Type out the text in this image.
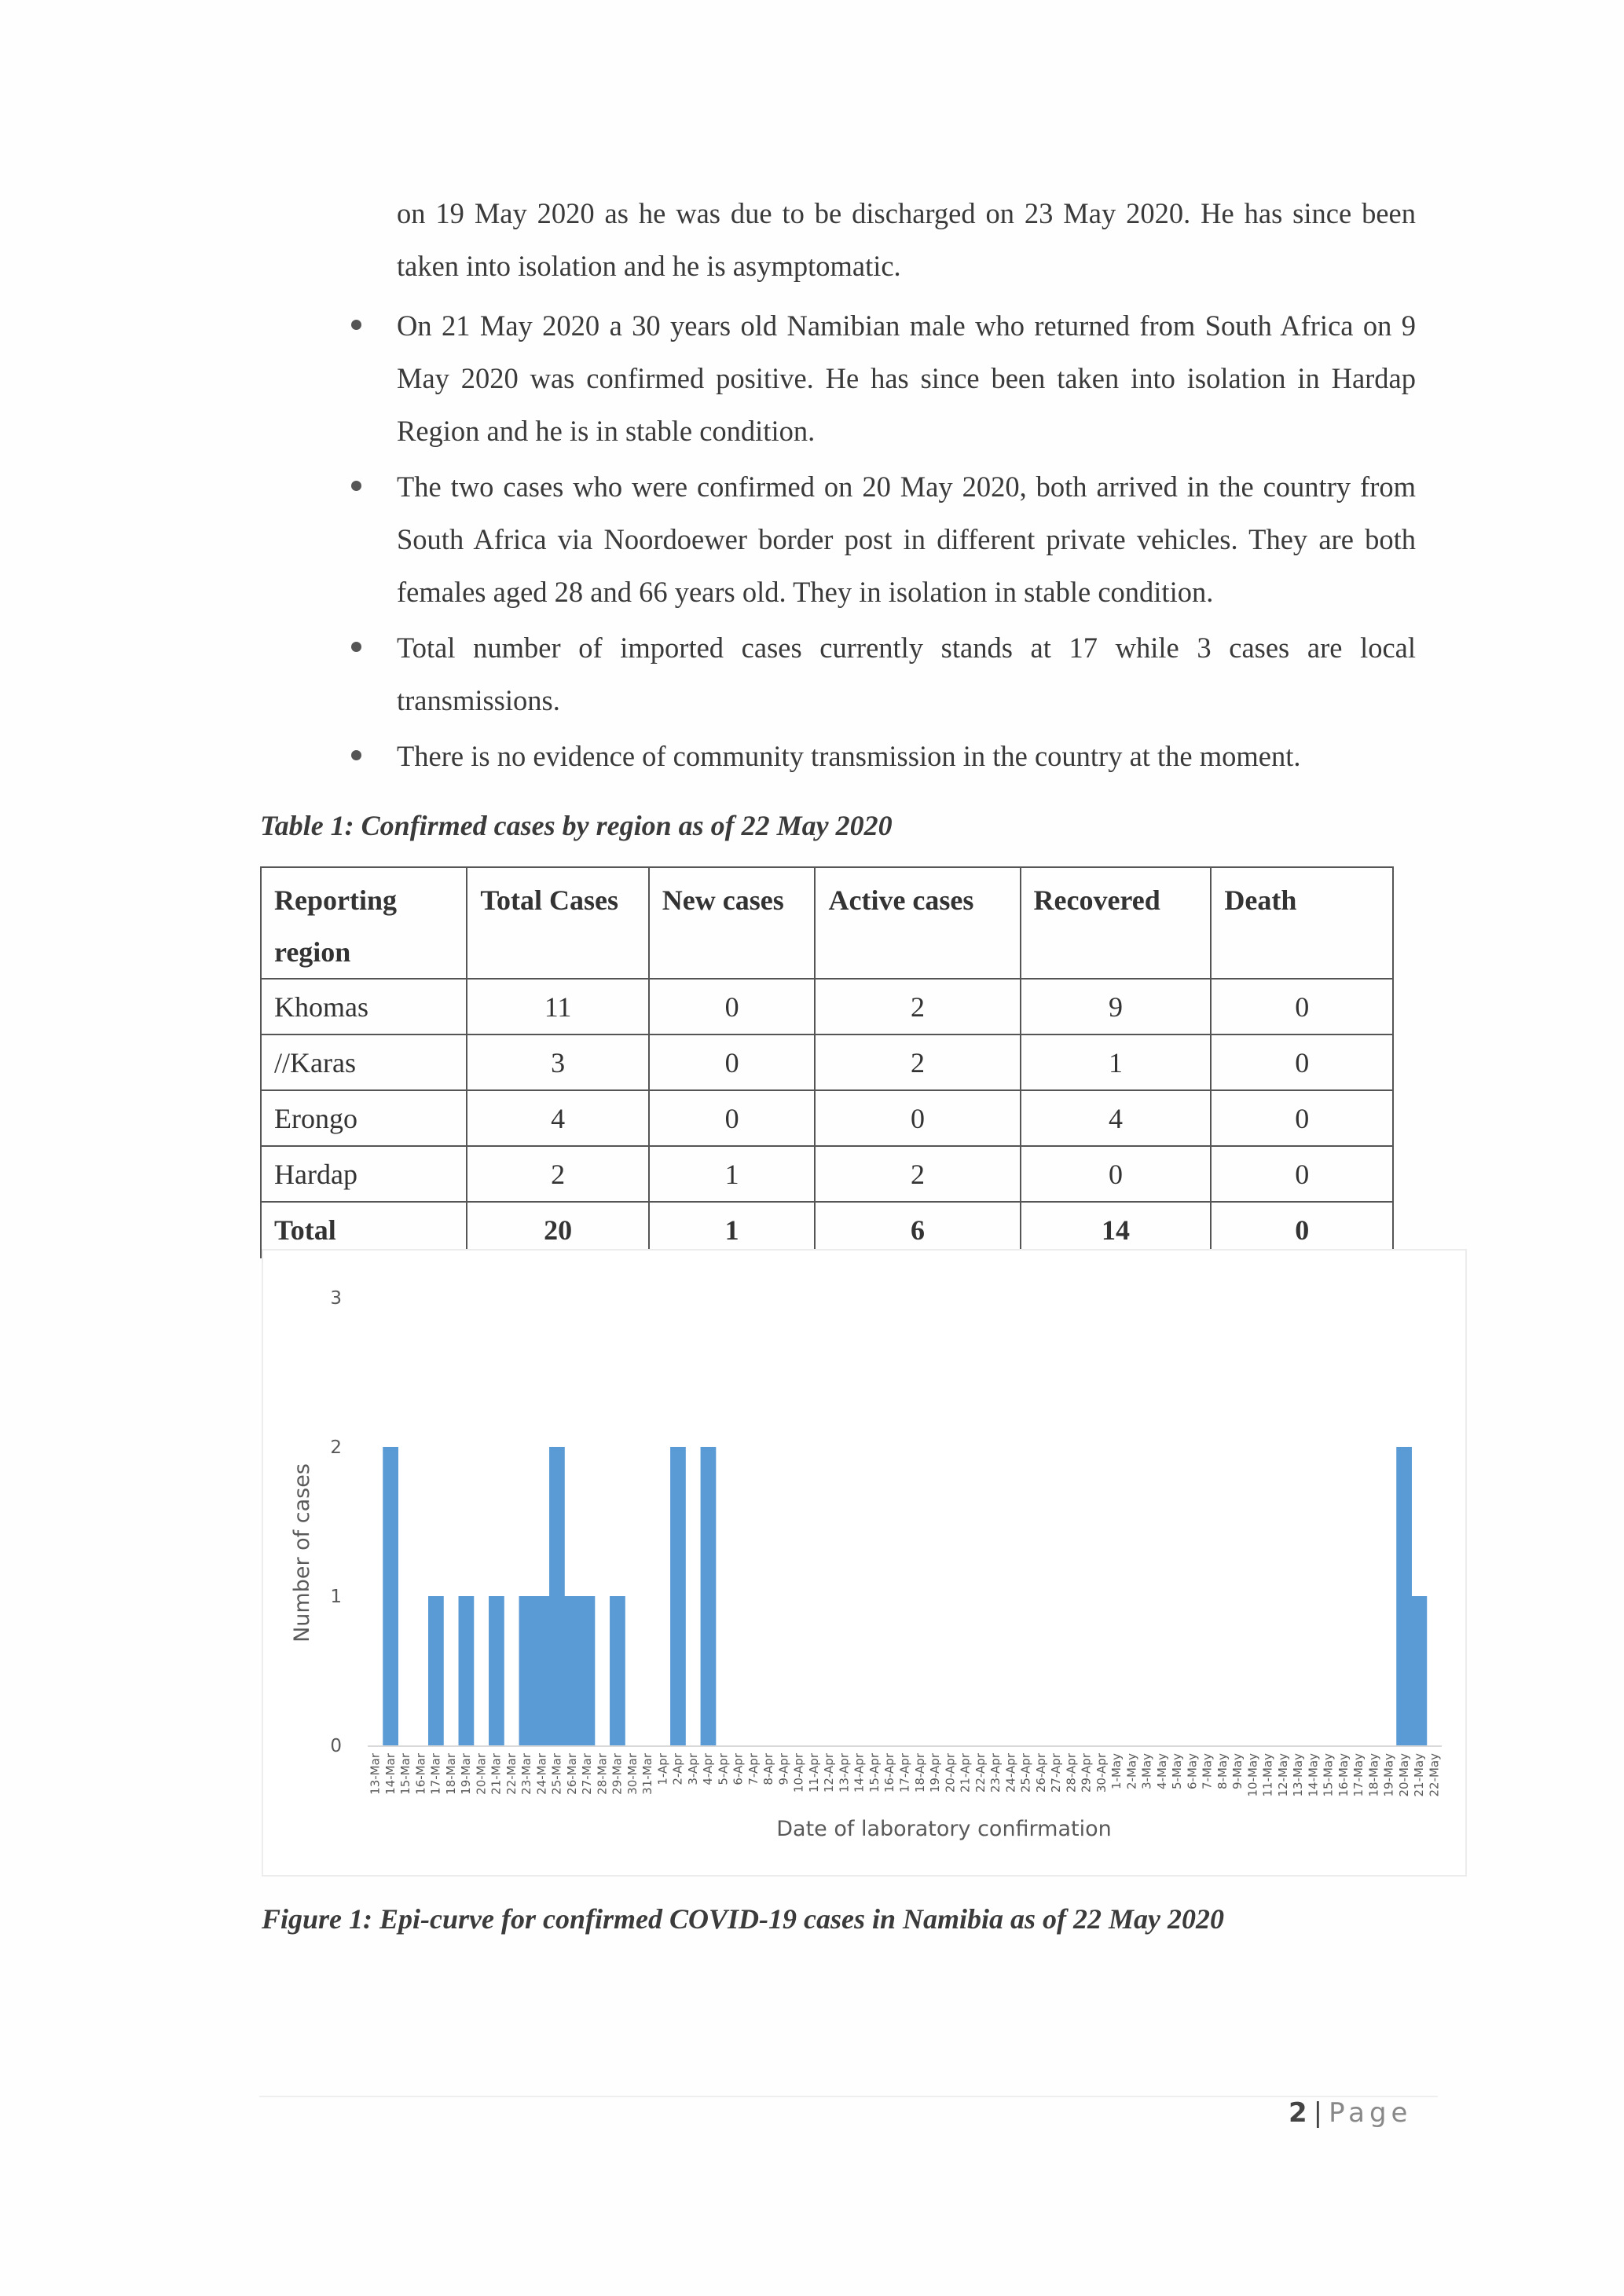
on 19 May 2020 as he was due to be discharged on 23 May 2020. He has since been taken into isolation and he is asymptomatic.

On 21 May 2020 a 30 years old Namibian male who returned from South Africa on 9 May 2020 was confirmed positive. He has since been taken into isolation in Hardap Region and he is in stable condition.
The two cases who were confirmed on 20 May 2020, both arrived in the country from South Africa via Noordoewer border post in different private vehicles. They are both females aged 28 and 66 years old. They in isolation in stable condition.
Total number of imported cases currently stands at 17 while 3 cases are local transmissions.
There is no evidence of community transmission in the country at the moment.
Table 1: Confirmed cases by region as of 22 May 2020
Reporting region	Total Cases	New cases	Active cases	Recovered	Death
Khomas	11	0	2	9	0
//Karas	3	0	2	1	0
Erongo	4	0	0	4	0
Hardap	2	1	2	0	0
Total	20	1	6	14	0
0
1
2
3
Number of cases
13-Mar 14-Mar 15-Mar 16-Mar 17-Mar 18-Mar 19-Mar 20-Mar 21-Mar 22-Mar 23-Mar 24-Mar 25-Mar 26-Mar 27-Mar 28-Mar 29-Mar 30-Mar 31-Mar 1-Apr 2-Apr 3-Apr 4-Apr 5-Apr 6-Apr 7-Apr 8-Apr 9-Apr 10-Apr 11-Apr 12-Apr 13-Apr 14-Apr 15-Apr 16-Apr 17-Apr 18-Apr 19-Apr 20-Apr 21-Apr 22-Apr 23-Apr 24-Apr 25-Apr 26-Apr 27-Apr 28-Apr 29-Apr 30-Apr 1-May 2-May 3-May 4-May 5-May 6-May 7-May 8-May 9-May 10-May 11-May 12-May 13-May 14-May 15-May 16-May 17-May 18-May 19-May 20-May 21-May 22-May
Date of laboratory confirmation
Figure 1: Epi-curve for confirmed COVID-19 cases in Namibia as of 22 May 2020
2 | Page
